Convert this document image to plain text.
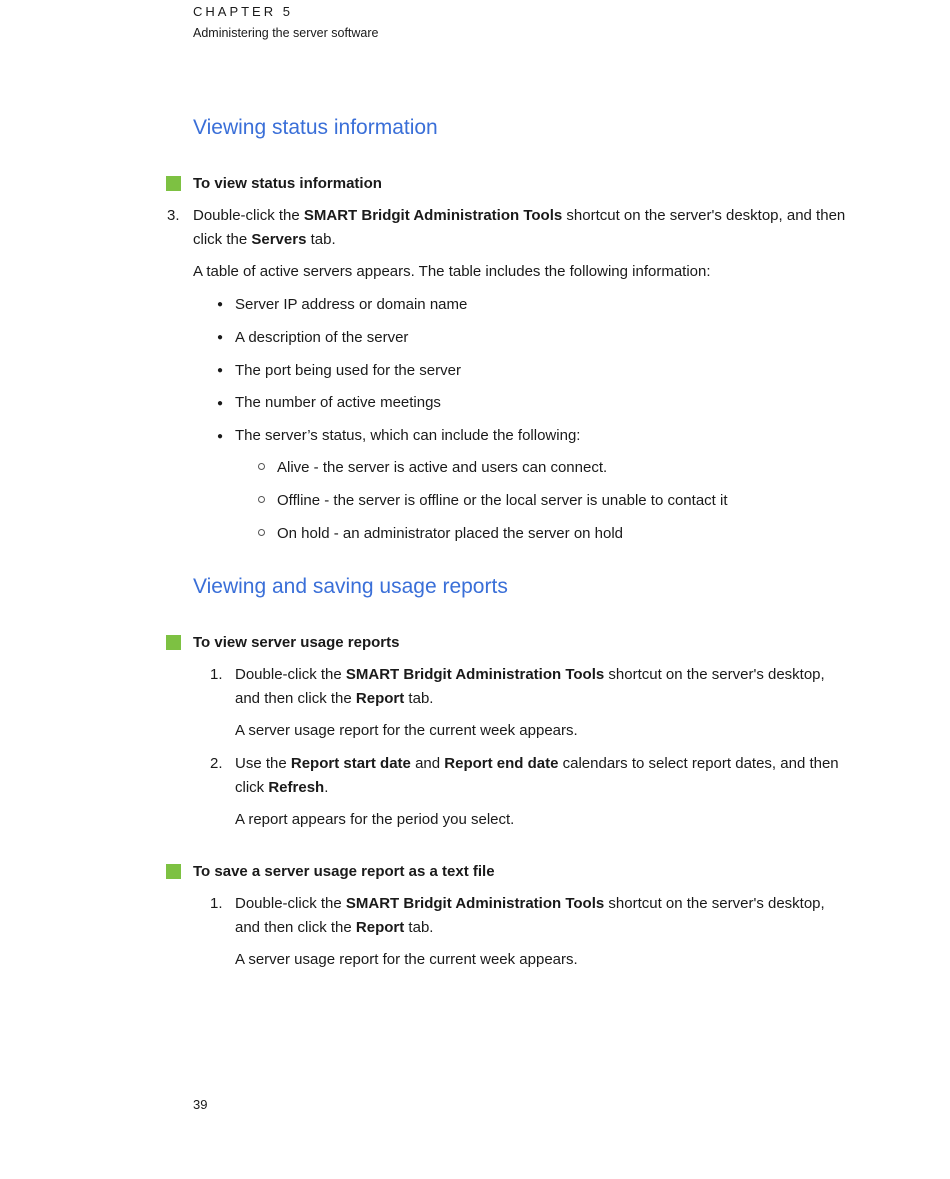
CHAPTER 5
Administering the server software
Viewing status information
To view status information
3. Double-click the SMART Bridgit Administration Tools shortcut on the server's desktop, and then
click the Servers tab.
A table of active servers appears. The table includes the following information:
● Server IP address or domain name
● A description of the server
● The port being used for the server
● The number of active meetings
● The server’s status, which can include the following:
Alive - the server is active and users can connect.
Offline - the server is offline or the local server is unable to contact it
On hold - an administrator placed the server on hold
Viewing and saving usage reports
To view server usage reports
1. Double-click the SMART Bridgit Administration Tools shortcut on the server's desktop,
and then click the Report tab.
A server usage report for the current week appears.
2. Use the Report start date and Report end date calendars to select report dates, and then
click Refresh.
A report appears for the period you select.
To save a server usage report as a text file
1. Double-click the SMART Bridgit Administration Tools shortcut on the server's desktop,
and then click the Report tab.
A server usage report for the current week appears.
39
